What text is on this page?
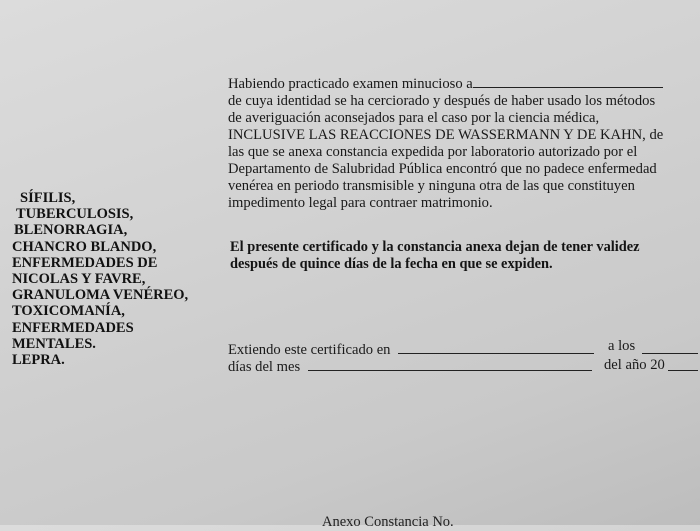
SÍFILIS,
TUBERCULOSIS,
BLENORRAGIA,
CHANCRO BLANDO,
ENFERMEDADES DE
NICOLAS Y FAVRE,
GRANULOMA VENÉREO,
TOXICOMANÍA,
ENFERMEDADES
MENTALES.
LEPRA.
Habiendo practicado examen minucioso a
de cuya identidad se ha cerciorado y después de haber usado los métodos
de averiguación aconsejados para el caso por la ciencia médica,
INCLUSIVE LAS REACCIONES DE WASSERMANN Y DE KAHN, de
las que se anexa constancia expedida por laboratorio autorizado por el
Departamento de Salubridad Pública encontró que no padece enfermedad
venérea en periodo transmisible y ninguna otra de las que constituyen
impedimento legal para contraer matrimonio.
El presente certificado y la constancia anexa dejan de tener validez
después de quince días de la fecha en que se expiden.
Extiendo este certificado en	a los
días del mes	del año 20
Anexo Constancia No.
